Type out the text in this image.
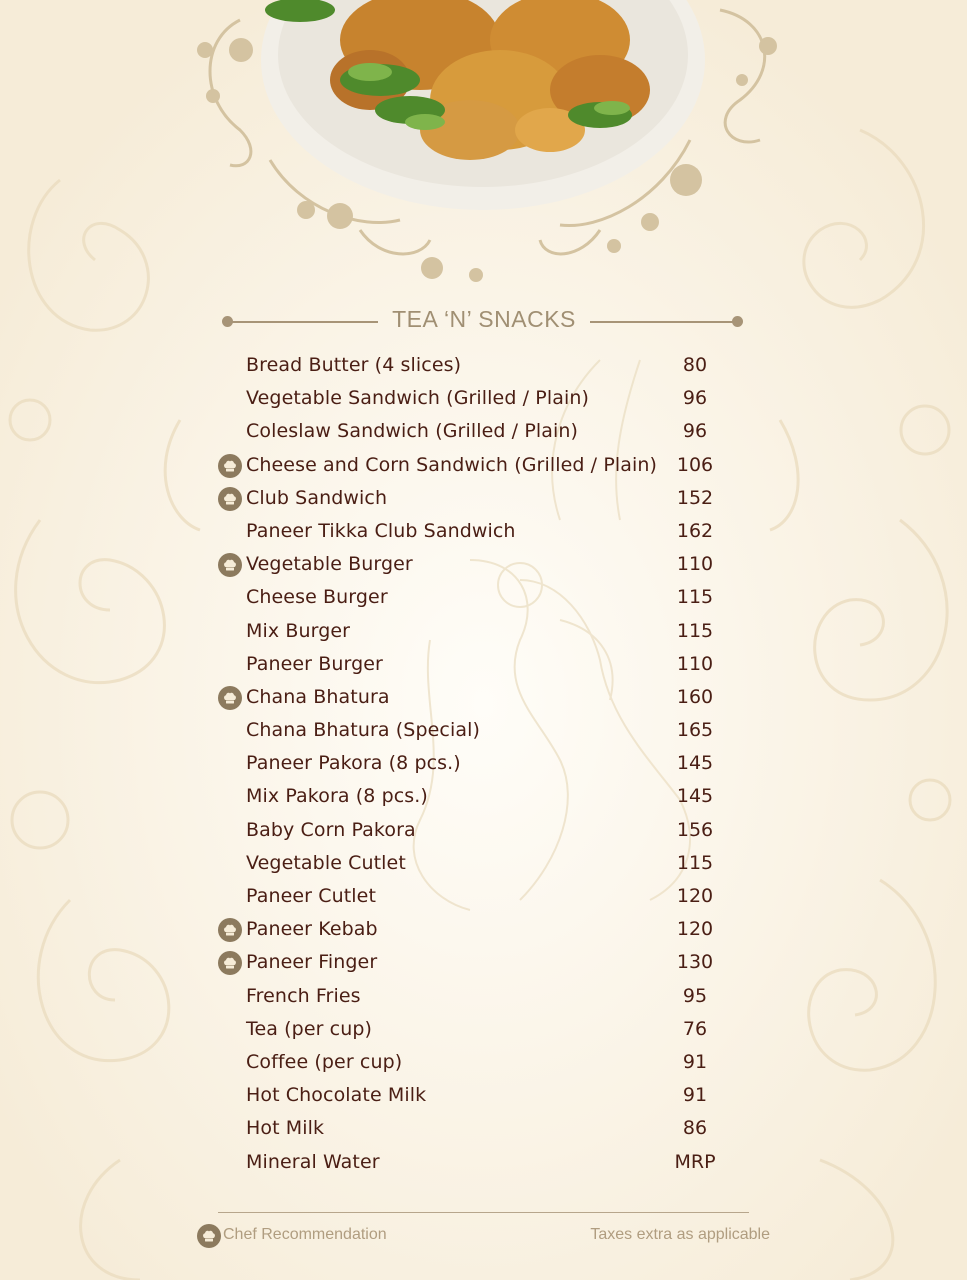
TEA ‘N’ SNACKS
Bread Butter (4 slices)	80
Vegetable Sandwich (Grilled / Plain)	96
Coleslaw Sandwich (Grilled / Plain)	96
Cheese and Corn Sandwich (Grilled / Plain)	106
Club Sandwich	152
Paneer Tikka Club Sandwich	162
Vegetable Burger	110
Cheese Burger	115
Mix Burger	115
Paneer Burger	110
Chana Bhatura	160
Chana Bhatura (Special)	165
Paneer Pakora (8 pcs.)	145
Mix Pakora (8 pcs.)	145
Baby Corn Pakora	156
Vegetable Cutlet	115
Paneer Cutlet	120
Paneer Kebab	120
Paneer Finger	130
French Fries	95
Tea (per cup)	76
Coffee (per cup)	91
Hot Chocolate Milk	91
Hot Milk	86
Mineral Water	MRP
Chef Recommendation	Taxes extra as applicable
